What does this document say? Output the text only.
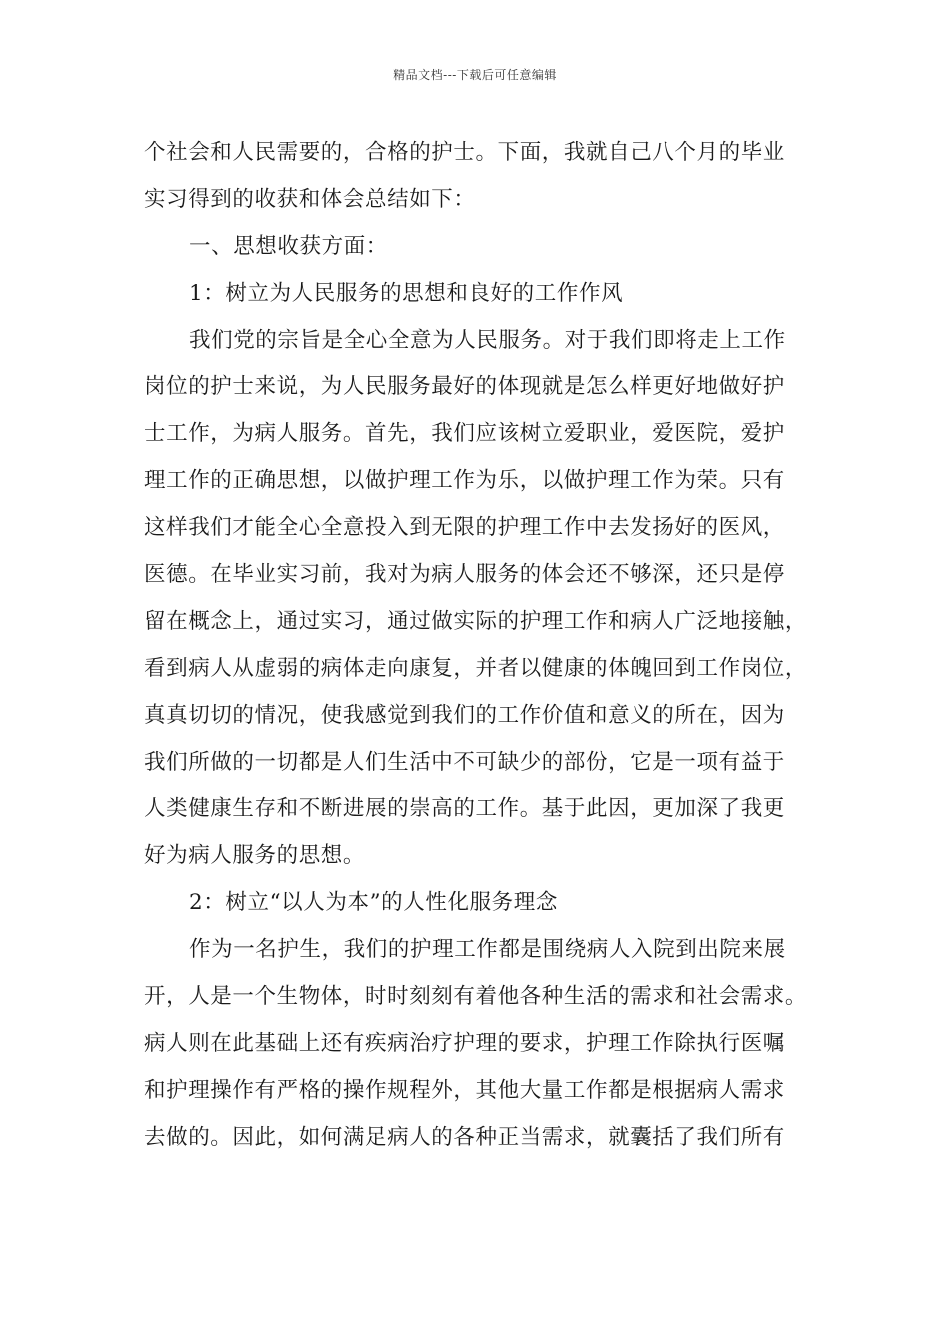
精品文档---下载后可任意编辑
个社会和人民需要的，合格的护士。下面，我就自己八个月的毕业
实习得到的收获和体会总结如下：
一、思想收获方面：
1：树立为人民服务的思想和良好的工作作风
我们党的宗旨是全心全意为人民服务。对于我们即将走上工作
岗位的护士来说，为人民服务最好的体现就是怎么样更好地做好护
士工作，为病人服务。首先，我们应该树立爱职业，爱医院，爱护
理工作的正确思想，以做护理工作为乐，以做护理工作为荣。只有
这样我们才能全心全意投入到无限的护理工作中去发扬好的医风，
医德。在毕业实习前，我对为病人服务的体会还不够深，还只是停
留在概念上，通过实习，通过做实际的护理工作和病人广泛地接触，
看到病人从虚弱的病体走向康复，并者以健康的体魄回到工作岗位，
真真切切的情况，使我感觉到我们的工作价值和意义的所在，因为
我们所做的一切都是人们生活中不可缺少的部份，它是一项有益于
人类健康生存和不断进展的崇高的工作。基于此因，更加深了我更
好为病人服务的思想。
2：树立“以人为本”的人性化服务理念
作为一名护生，我们的护理工作都是围绕病人入院到出院来展
开，人是一个生物体，时时刻刻有着他各种生活的需求和社会需求。
病人则在此基础上还有疾病治疗护理的要求，护理工作除执行医嘱
和护理操作有严格的操作规程外，其他大量工作都是根据病人需求
去做的。因此，如何满足病人的各种正当需求，就囊括了我们所有
